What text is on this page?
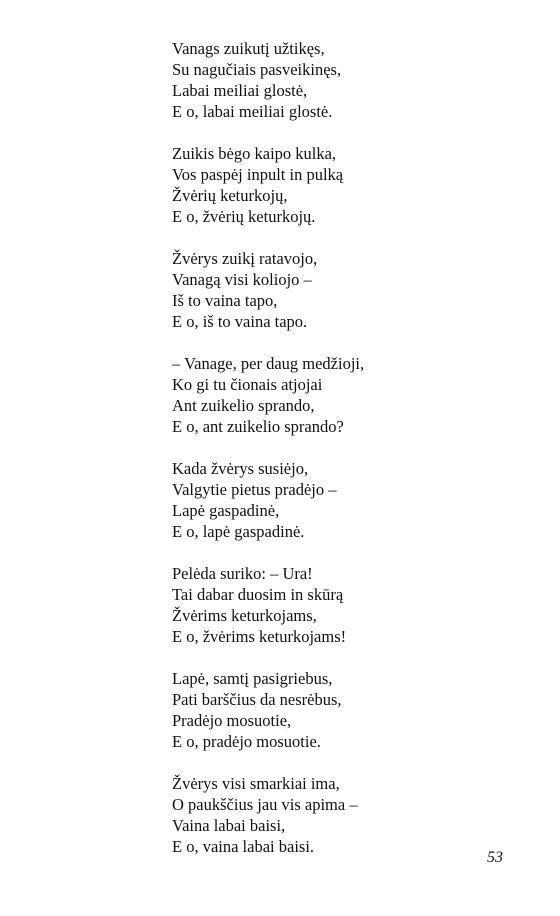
Vanags zuikutį užtikęs,
Su nagučiais pasveikinęs,
Labai meiliai glostė,
E o, labai meiliai glostė.
Zuikis bėgo kaipo kulka,
Vos paspėj inpult in pulką
Žvėrių keturkojų,
E o, žvėrių keturkojų.
Žvėrys zuikį ratavojo,
Vanagą visi koliojo –
Iš to vaina tapo,
E o, iš to vaina tapo.
– Vanage, per daug medžioji,
Ko gi tu čionais atjojai
Ant zuikelio sprando,
E o, ant zuikelio sprando?
Kada žvėrys susiėjo,
Valgytie pietus pradėjo –
Lapė gaspadinė,
E o, lapė gaspadinė.
Pelėda suriko: – Ura!
Tai dabar duosim in skūrą
Žvėrims keturkojams,
E o, žvėrims keturkojams!
Lapė, samtį pasigriebus,
Pati barščius da nesrėbus,
Pradėjo mosuotie,
E o, pradėjo mosuotie.
Žvėrys visi smarkiai ima,
O paukščius jau vis apima –
Vaina labai baisi,
E o, vaina labai baisi.
53
